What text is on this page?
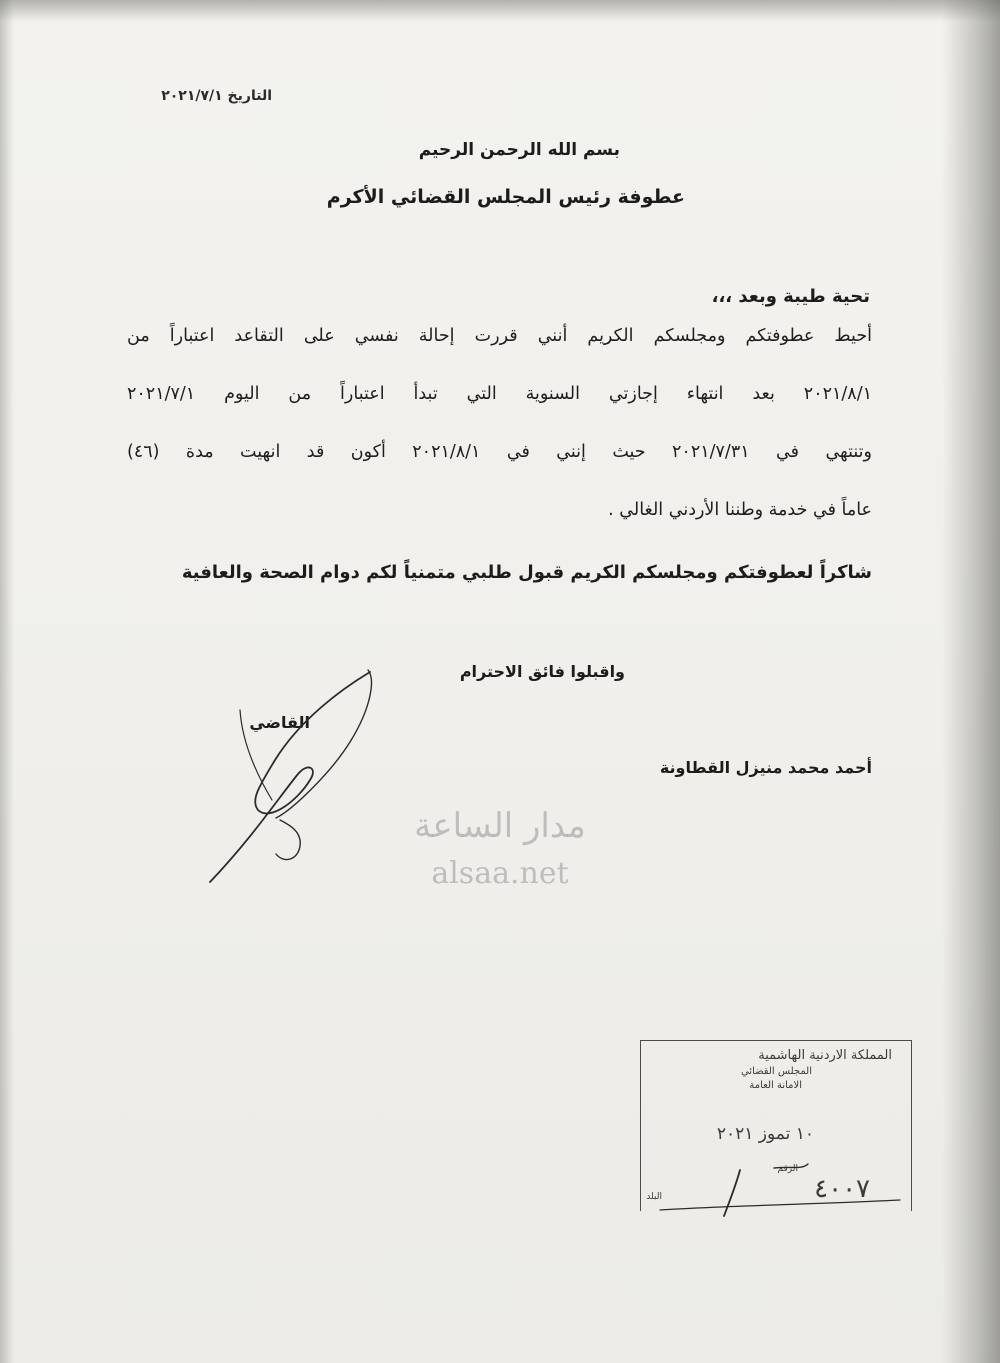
التاريخ ٢٠٢١/٧/١
بسم الله الرحمن الرحيم
عطوفة رئيس المجلس القضائي الأكرم
تحية طيبة وبعد ،،،
أحيط عطوفتكم ومجلسكم الكريم أنني قررت إحالة نفسي على التقاعد اعتباراً من
٢٠٢١/٨/١ بعد انتهاء إجازتي السنوية التي تبدأ اعتباراً من اليوم ٢٠٢١/٧/١
وتنتهي في ٢٠٢١/٧/٣١ حيث إنني في ٢٠٢١/٨/١ أكون قد انهيت مدة (٤٦)
عاماً في خدمة وطننا الأردني الغالي .
شاكراً لعطوفتكم ومجلسكم الكريم قبول طلبي متمنياً لكم دوام الصحة والعافية
واقبلوا فائق الاحترام
القاضي
أحمد محمد منيزل القطاونة
مدار الساعة
alsaa.net
المملكة الاردنية الهاشمية
المجلس القضائي
الامانة العامة
١٠ تموز ٢٠٢١
الرقم
البلد	٤٠٠٧
